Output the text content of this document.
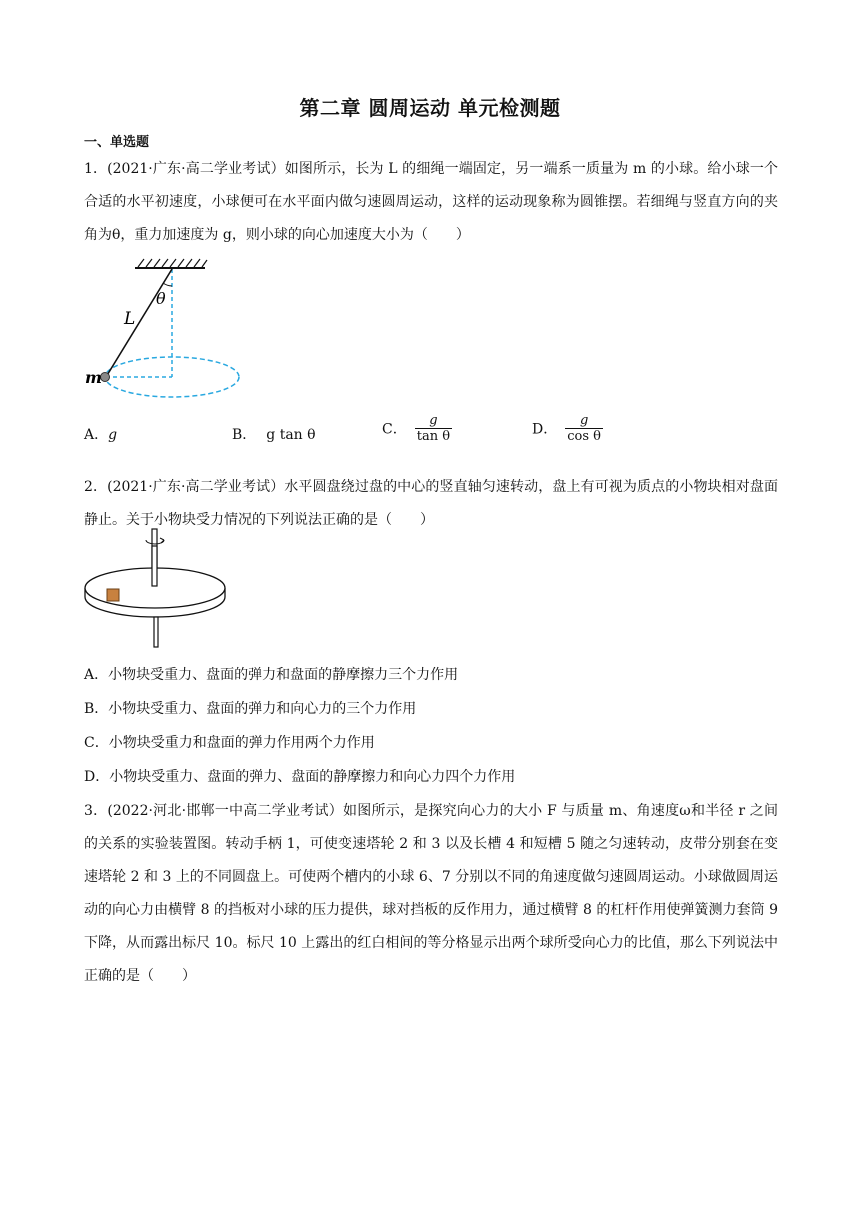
第二章 圆周运动 单元检测题
一、单选题
1．(2021·广东·高二学业考试）如图所示，长为 L 的细绳一端固定，另一端系一质量为 m 的小球。给小球一个合适的水平初速度，小球便可在水平面内做匀速圆周运动，这样的运动现象称为圆锥摆。若细绳与竖直方向的夹角为θ，重力加速度为 g，则小球的向心加速度大小为（　　）
θ
L
m
A．g	B． g tan θ	C． $\frac{g}{\text{tan θ}}$	D． $\frac{g}{\text{cos θ}}$
2．(2021·广东·高二学业考试）水平圆盘绕过盘的中心的竖直轴匀速转动，盘上有可视为质点的小物块相对盘面静止。关于小物块受力情况的下列说法正确的是（　　）
A．小物块受重力、盘面的弹力和盘面的静摩擦力三个力作用
B．小物块受重力、盘面的弹力和向心力的三个力作用
C．小物块受重力和盘面的弹力作用两个力作用
D．小物块受重力、盘面的弹力、盘面的静摩擦力和向心力四个力作用
3．(2022·河北·邯郸一中高二学业考试）如图所示，是探究向心力的大小 F 与质量 m、角速度ω和半径 r 之间的关系的实验装置图。转动手柄 1，可使变速塔轮 2 和 3 以及长槽 4 和短槽 5 随之匀速转动，皮带分别套在变速塔轮 2 和 3 上的不同圆盘上。可使两个槽内的小球 6、7 分别以不同的角速度做匀速圆周运动。小球做圆周运动的向心力由横臂 8 的挡板对小球的压力提供，球对挡板的反作用力，通过横臂 8 的杠杆作用使弹簧测力套筒 9 下降，从而露出标尺 10。标尺 10 上露出的红白相间的等分格显示出两个球所受向心力的比值，那么下列说法中正确的是（　　）
